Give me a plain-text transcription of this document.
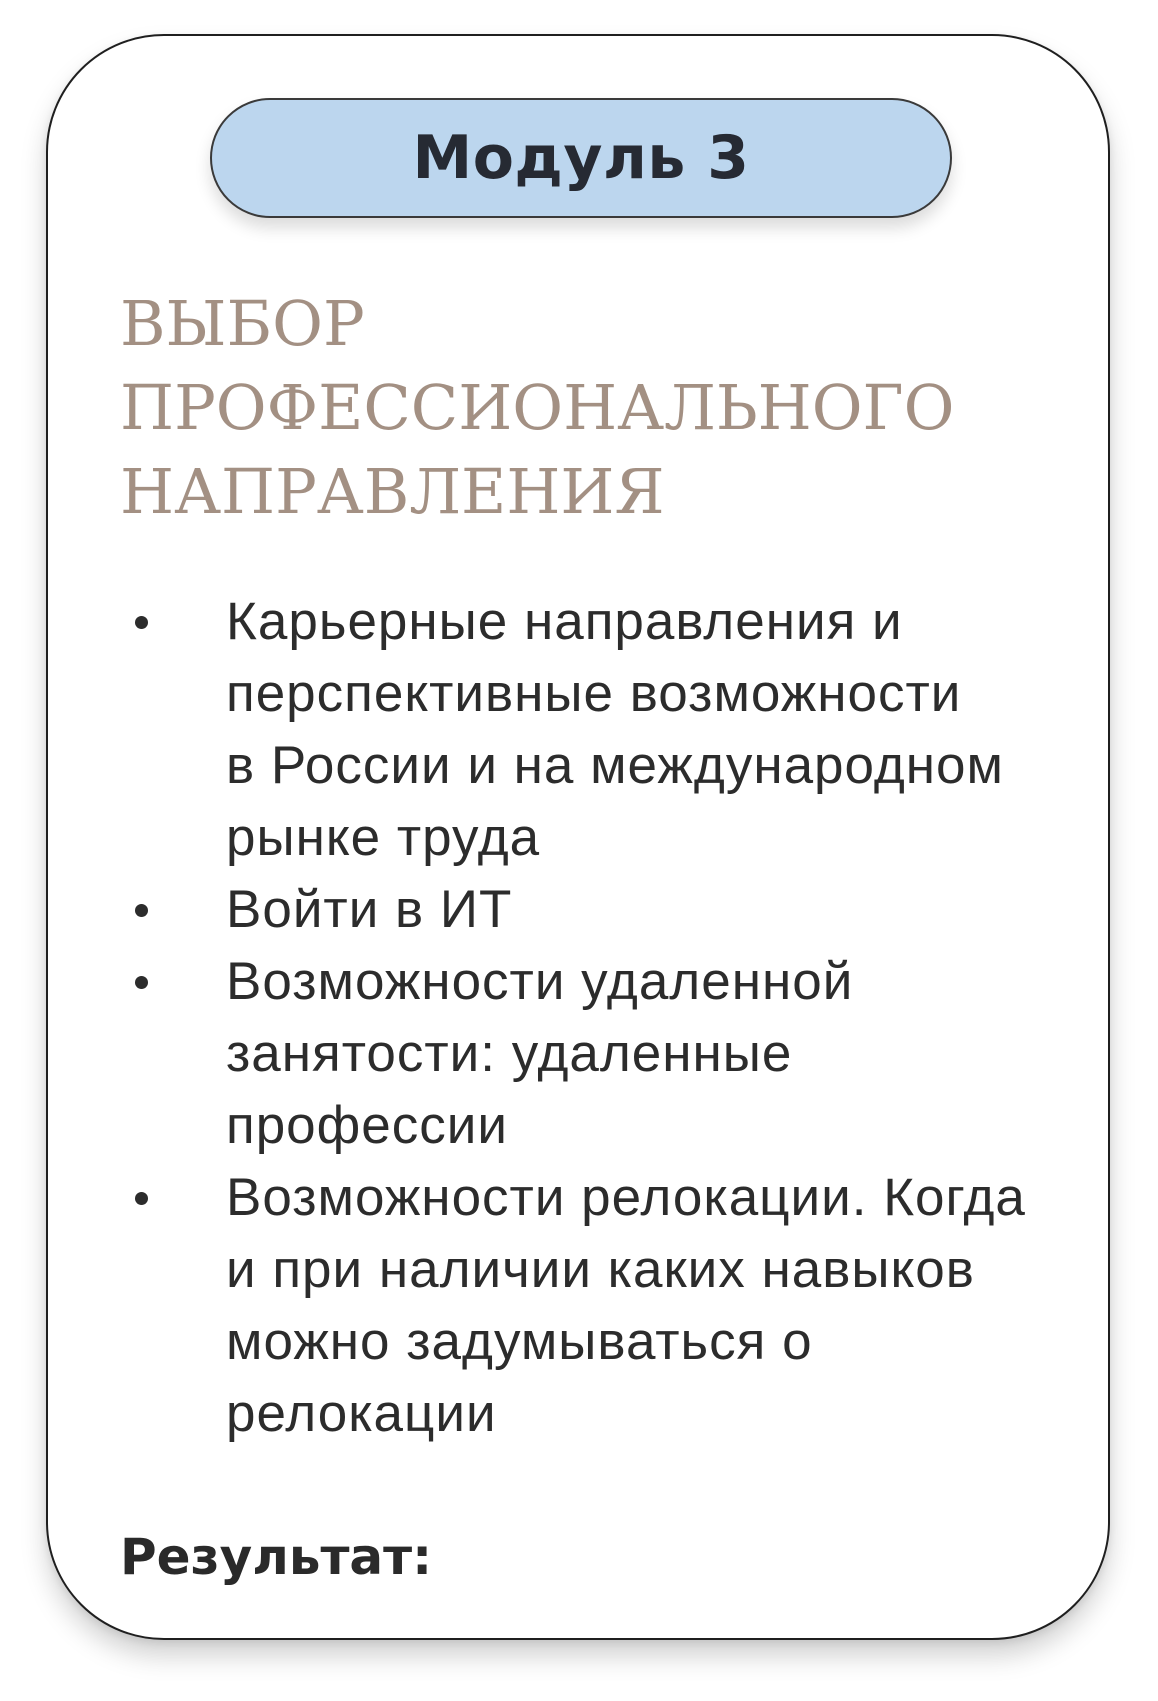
Модуль 3
ВЫБОР
ПРОФЕССИОНАЛЬНОГО
НАПРАВЛЕНИЯ
Карьерные направления и
перспективные возможности
в России и на международном
рынке труда
Войти в ИТ
Возможности удаленной
занятости: удаленные
профессии
Возможности релокации. Когда
и при наличии каких навыков
можно задумываться о
релокации
Результат:
